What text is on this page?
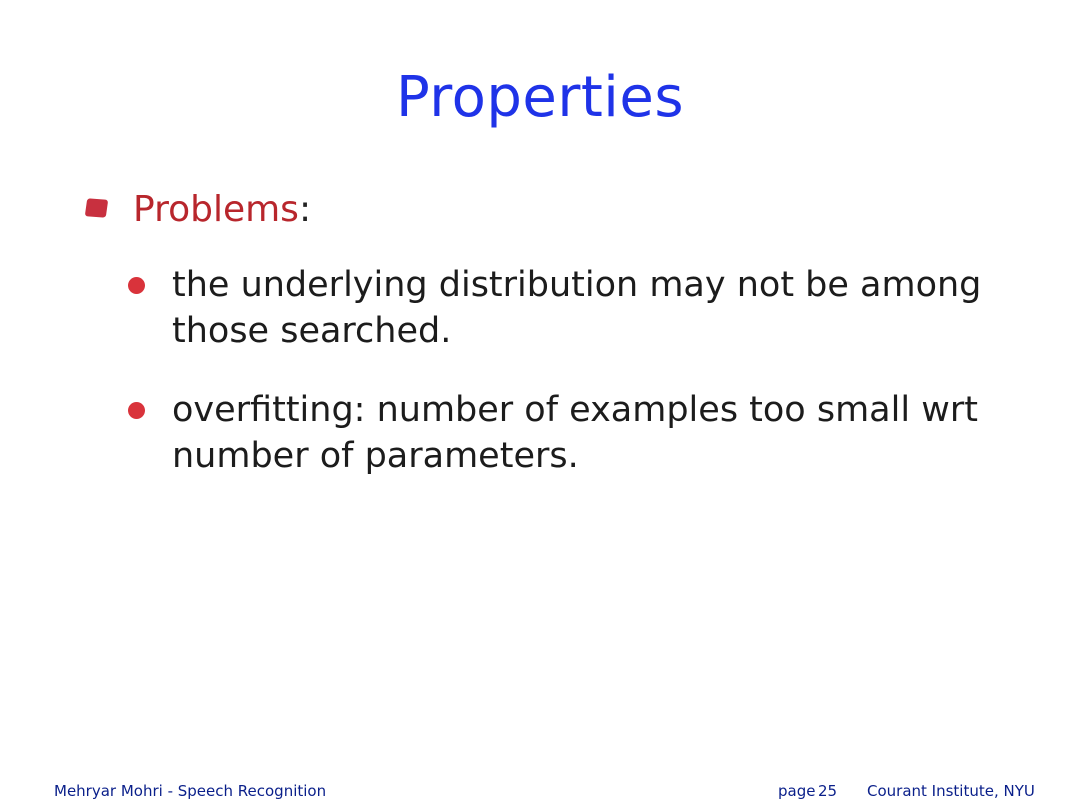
Properties
Problems:
the underlying distribution may not be among those searched.
overfitting: number of examples too small wrt number of parameters.
Mehryar Mohri - Speech Recognition	page 25 Courant Institute, NYU
